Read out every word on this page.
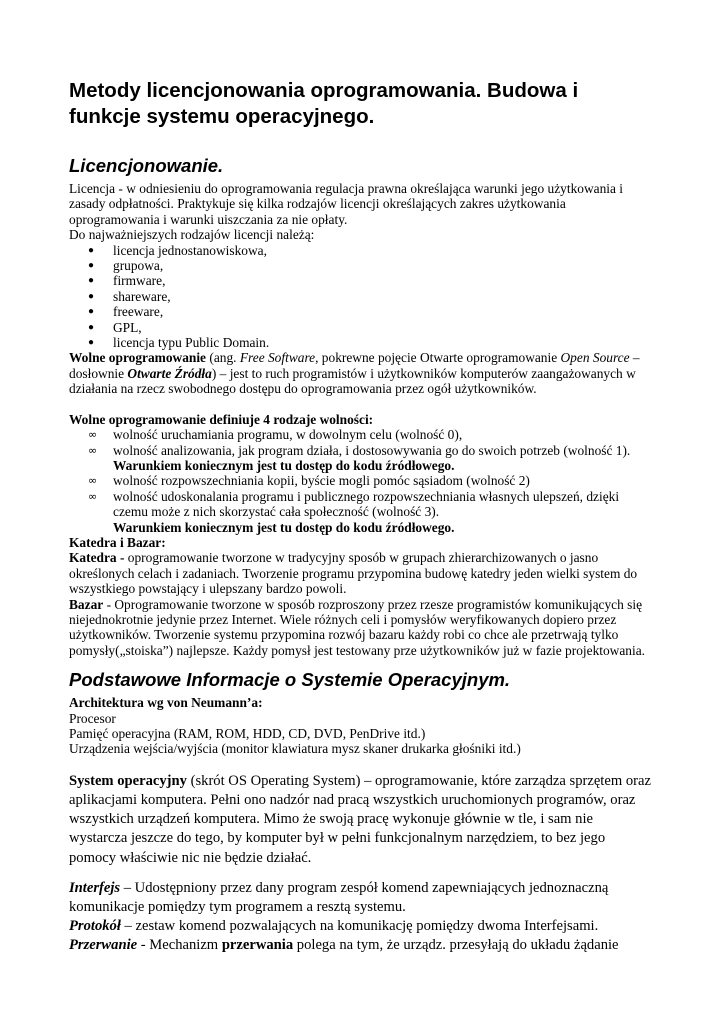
Metody licencjonowania oprogramowania. Budowa i funkcje systemu operacyjnego.
Licencjonowanie.

Licencja - w odniesieniu do oprogramowania regulacja prawna określająca warunki jego użytkowania i zasady odpłatności. Praktykuje się kilka rodzajów licencji określających zakres użytkowania oprogramowania i warunki uiszczania za nie opłaty.

Do najważniejszych rodzajów licencji należą:

●	licencja jednostanowiskowa,
●	grupowa,
●	firmware,
●	shareware,
●	freeware,
●	GPL,
●	licencja typu Public Domain.

Wolne oprogramowanie (ang. Free Software, pokrewne pojęcie Otwarte oprogramowanie Open Source – dosłownie Otwarte Źródła) – jest to ruch programistów i użytkowników komputerów zaangażowanych w działania na rzecz swobodnego dostępu do oprogramowania przez ogół użytkowników.

Wolne oprogramowanie definiuje 4 rodzaje wolności:

∞	wolność uruchamiania programu, w dowolnym celu (wolność 0),
∞	wolność analizowania, jak program działa, i dostosowywania go do swoich potrzeb (wolność 1).
Warunkiem koniecznym jest tu dostęp do kodu źródłowego.
∞	wolność rozpowszechniania kopii, byście mogli pomóc sąsiadom (wolność 2)
∞	wolność udoskonalania programu i publicznego rozpowszechniania własnych ulepszeń, dzięki czemu może z nich skorzystać cała społeczność (wolność 3).
Warunkiem koniecznym jest tu dostęp do kodu źródłowego.

Katedra i Bazar:

Katedra - oprogramowanie tworzone w tradycyjny sposób w grupach zhierarchizowanych o jasno określonych celach i zadaniach. Tworzenie programu przypomina budowę katedry jeden wielki system do wszystkiego powstający i ulepszany bardzo powoli.

Bazar - Oprogramowanie tworzone w sposób rozproszony przez rzesze programistów komunikujących się niejednokrotnie jedynie przez Internet. Wiele różnych celi i pomysłów weryfikowanych dopiero przez użytkowników. Tworzenie systemu przypomina rozwój bazaru każdy robi co chce ale przetrwają tylko pomysły(„stoiska”) najlepsze. Każdy pomysł jest testowany prze użytkowników już w fazie projektowania.

Podstawowe Informacje o Systemie Operacyjnym.

Architektura wg von Neumann’a:

Procesor

Pamięć operacyjna (RAM, ROM, HDD, CD, DVD, PenDrive itd.)

Urządzenia wejścia/wyjścia (monitor klawiatura mysz skaner drukarka głośniki itd.)

System operacyjny (skrót OS Operating System) – oprogramowanie, które zarządza sprzętem oraz aplikacjami komputera. Pełni ono nadzór nad pracą wszystkich uruchomionych programów, oraz wszystkich urządzeń komputera. Mimo że swoją pracę wykonuje głównie w tle, i sam nie wystarcza jeszcze do tego, by komputer był w pełni funkcjonalnym narzędziem, to bez jego pomocy właściwie nic nie będzie działać.

Interfejs – Udostępniony przez dany program zespół komend zapewniających jednoznaczną komunikacje pomiędzy tym programem a resztą systemu.

Protokół – zestaw komend pozwalających na komunikację pomiędzy dwoma Interfejsami.

Przerwanie - Mechanizm przerwania polega na tym, że urządz. przesyłają do układu żądanie
